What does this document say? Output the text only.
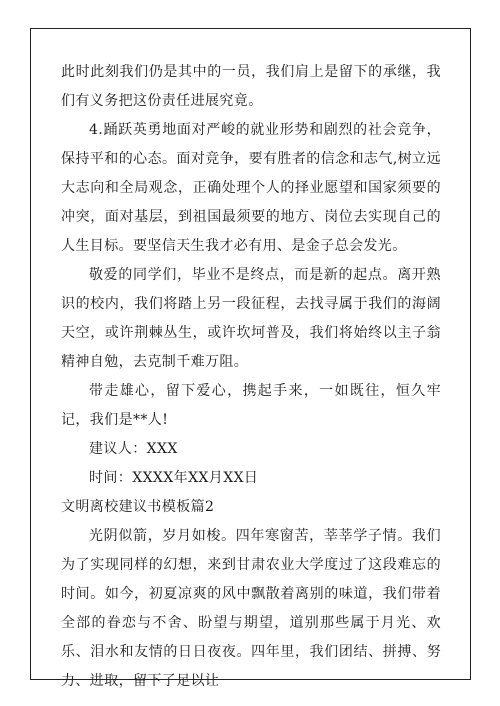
此时此刻我们仍是其中的一员，我们肩上是留下的承继，我们有义务把这份责任进展究竟。

4.踊跃英勇地面对严峻的就业形势和剧烈的社会竞争，保持平和的心态。面对竞争，要有胜者的信念和志气,树立远大志向和全局观念，正确处理个人的择业愿望和国家须要的冲突，面对基层，到祖国最须要的地方、岗位去实现自己的人生目标。要坚信天生我才必有用、是金子总会发光。

敬爱的同学们，毕业不是终点，而是新的起点。离开熟识的校内，我们将踏上另一段征程，去找寻属于我们的海阔天空，或许荆棘丛生，或许坎坷普及，我们将始终以主子翁精神自勉，去克制千难万阻。

带走雄心，留下爱心，携起手来，一如既往，恒久牢记，我们是**人!

建议人：XXX

时间：XXXX年XX月XX日

文明离校建议书模板篇2

光阴似箭，岁月如梭。四年寒窗苦，莘莘学子情。我们为了实现同样的幻想，来到甘肃农业大学度过了这段难忘的时间。如今，初夏凉爽的风中飘散着离别的味道，我们带着全部的眷恋与不舍、盼望与期望，道别那些属于月光、欢乐、泪水和友情的日日夜夜。四年里，我们团结、拼搏、努力、进取，留下了足以让
